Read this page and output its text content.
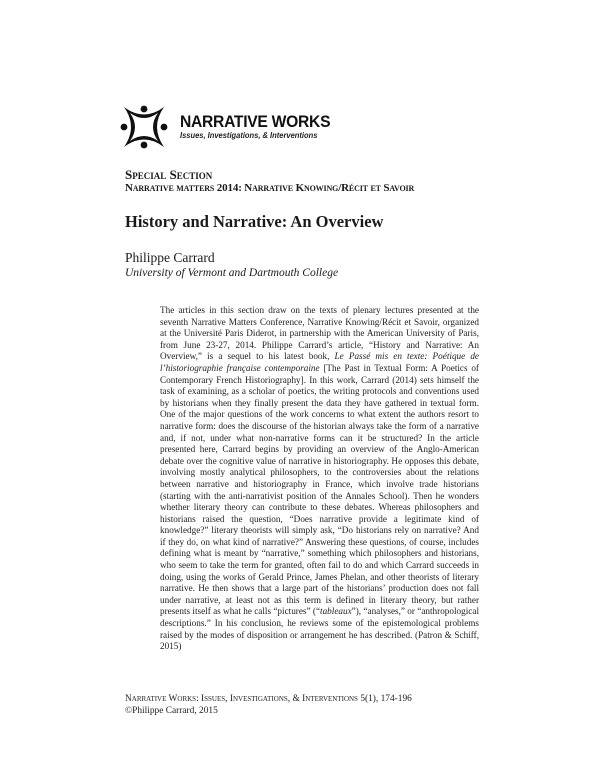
NARRATIVE WORKS
Issues, Investigations, & Interventions
Special Section
Narrative matters 2014: Narrative Knowing/Récit et Savoir
History and Narrative: An Overview
Philippe Carrard
University of Vermont and Dartmouth College

The articles in this section draw on the texts of plenary lectures presented at the seventh Narrative Matters Conference, Narrative Knowing/Récit et Savoir, organized at the Université Paris Diderot, in partnership with the American University of Paris, from June 23-27, 2014. Philippe Carrard’s article, “History and Narrative: An Overview,” is a sequel to his latest book, Le Passé mis en texte: Poétique de l’historiographie française contemporaine [The Past in Textual Form: A Poetics of Contemporary French Historiography]. In this work, Carrard (2014) sets himself the task of examining, as a scholar of poetics, the writing protocols and conventions used by historians when they finally present the data they have gathered in textual form. One of the major questions of the work concerns to what extent the authors resort to narrative form: does the discourse of the historian always take the form of a narrative and, if not, under what non-narrative forms can it be structured? In the article presented here, Carrard begins by providing an overview of the Anglo-American debate over the cognitive value of narrative in historiography. He opposes this debate, involving mostly analytical philosophers, to the controversies about the relations between narrative and historiography in France, which involve trade historians (starting with the anti-narrativist position of the Annales School). Then he wonders whether literary theory can contribute to these debates. Whereas philosophers and historians raised the question, “Does narrative provide a legitimate kind of knowledge?” literary theorists will simply ask, “Do historians rely on narrative? And if they do, on what kind of narrative?” Answering these questions, of course, includes defining what is meant by “narrative,” something which philosophers and historians, who seem to take the term for granted, often fail to do and which Carrard succeeds in doing, using the works of Gerald Prince, James Phelan, and other theorists of literary narrative. He then shows that a large part of the historians’ production does not fall under narrative, at least not as this term is defined in literary theory, but rather presents itself as what he calls “pictures” (“tableaux”), “analyses,” or “anthropological descriptions.” In his conclusion, he reviews some of the epistemological problems raised by the modes of disposition or arrangement he has described. (Patron & Schiff, 2015)

Narrative Works: Issues, Investigations, & Interventions 5(1), 174-196
©Philippe Carrard, 2015
